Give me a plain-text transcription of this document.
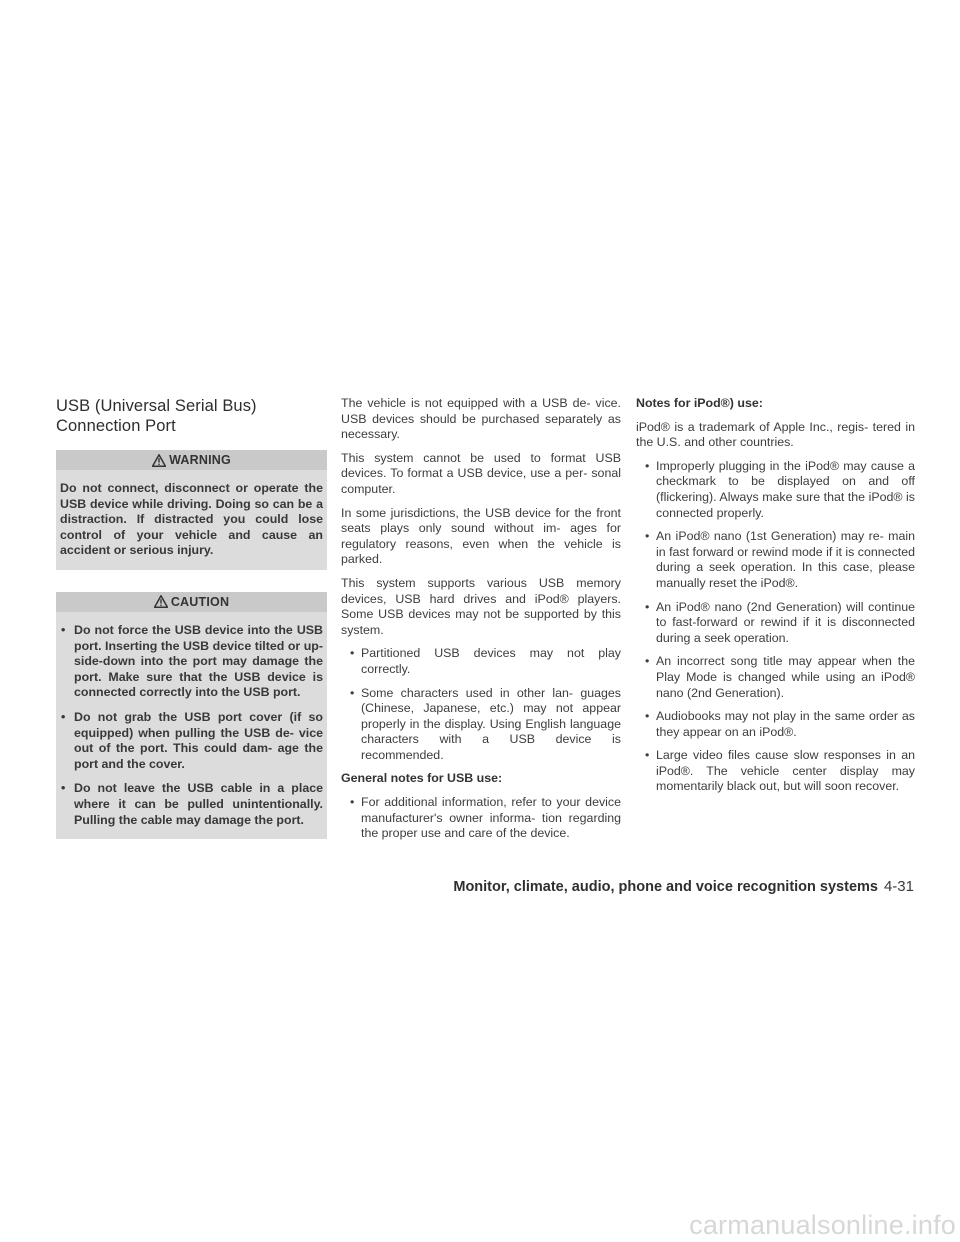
USB (Universal Serial Bus)
Connection Port
WARNING

Do not connect, disconnect or operate the USB device while driving. Doing so can be a distraction. If distracted you could lose control of your vehicle and cause an accident or serious injury.

CAUTION
• Do not force the USB device into the USB port. Inserting the USB device tilted or up-side-down into the port may damage the port. Make sure that the USB device is connected correctly into the USB port.
• Do not grab the USB port cover (if so equipped) when pulling the USB de- vice out of the port. This could dam- age the port and the cover.
• Do not leave the USB cable in a place where it can be pulled unintentionally. Pulling the cable may damage the port.

The vehicle is not equipped with a USB de- vice. USB devices should be purchased separately as necessary.

This system cannot be used to format USB devices. To format a USB device, use a per- sonal computer.

In some jurisdictions, the USB device for the front seats plays only sound without im- ages for regulatory reasons, even when the vehicle is parked.

This system supports various USB memory devices, USB hard drives and iPod® players. Some USB devices may not be supported by this system.

• Partitioned USB devices may not play correctly.
• Some characters used in other lan- guages (Chinese, Japanese, etc.) may not appear properly in the display. Using English language characters with a USB device is recommended.
General notes for USB use:
• For additional information, refer to your device manufacturer's owner informa- tion regarding the proper use and care of the device.
Notes for iPod®) use:

iPod® is a trademark of Apple Inc., regis- tered in the U.S. and other countries.

• Improperly plugging in the iPod® may cause a checkmark to be displayed on and off (flickering). Always make sure that the iPod® is connected properly.
• An iPod® nano (1st Generation) may re- main in fast forward or rewind mode if it is connected during a seek operation. In this case, please manually reset the iPod®.
• An iPod® nano (2nd Generation) will continue to fast-forward or rewind if it is disconnected during a seek operation.
• An incorrect song title may appear when the Play Mode is changed while using an iPod® nano (2nd Generation).
• Audiobooks may not play in the same order as they appear on an iPod®.
• Large video files cause slow responses in an iPod®. The vehicle center display may momentarily black out, but will soon recover.
Monitor, climate, audio, phone and voice recognition systems 4-31
carmanualsonline.info
